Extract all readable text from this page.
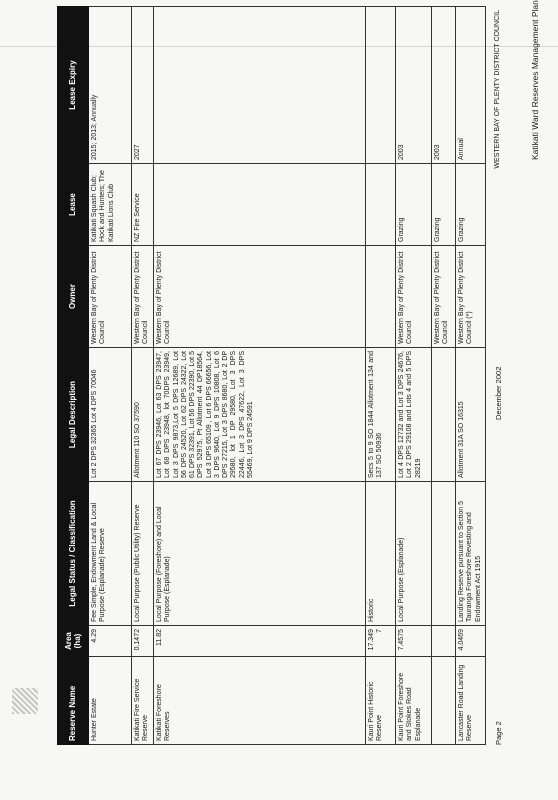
Katikati Ward Reserves Management Plan
Reserve Name	Area (ha)	Legal Status / Classification	Legal Description	Owner	Lease	Lease Expiry
Hunter Estate	4.29	Fee Simple, Endowment Land & Local Purpose (Esplanade) Reserve	Lot 2 DPS 32365 Lot 4 DPS 70046	Western Bay of Plenty District Council	Katikati Squash Club; Hock and Hunters; The Katikati Lions Club	2015; 2013; Annually
Katikati Fire Service Reserve	0.1472	Local Purpose (Public Utility) Reserve	Allotment 110 SO 37590	Western Bay of Plenty District Council	NZ Fire Service	2027
Katikati Foreshore Reserves	11.82	Local Purpose (Foreshore) and Local Purpose (Esplanade)	Lot 67 DPS 23946, Lot 63 DPS 23947, Lot 68 DPS 23948, lot 70DPS 23949, Lot 3 DPS 9873,Lot 5 DPS 12689, Lot 56 DPS 24520, Lot 62 DPS 24322, Lot 61 DPS 32391, Lot 56 DPS 22390, Lot 5 DPS 52975, Pt Allotment 44 DP18564, Lot 3 DPS 65109 , Lot 6 DPS 66656, Lot 3 DPS 9640, Lot 9 DPS 10808, Lot 6 DPS 27215, Lot 3 DPS 8680, Lot 2 DP 29580, lot 1 DP 29580, Lot 3 DPS 22446, Lot 3 DPS 47622, Lot 3 DPS 55469, Lot 9 DPS 24591	Western Bay of Plenty District Council		
Kauri Point Historic Reserve	17.3497	Historic	Secs 5 to 9 SO 1844 Allotment 134 and 137 SO 50936			
Kauri Point Foreshore and Stokes Road Esplanade	7.4575	Local Purpose (Esplanade)	Lot 4 DPS 12732 and Lot 3 DPS 24676, Lot 2 DPS 29108 and Lots 4 and 5 DPS 28219	Western Bay of Plenty District Council	Grazing	2003
				Western Bay of Plenty District Council	Grazing	2003
Lancaster Road Landing Reserve	4.0469	Landing Reserve pursuant to Section 5 Tauranga Foreshore Revesting and Endowment Act 1915	Allotment 31A SO 16315	Western Bay of Plenty District Council (*)	Grazing	Annual
Page 2
December 2002
WESTERN BAY OF PLENTY DISTRICT COUNCIL
